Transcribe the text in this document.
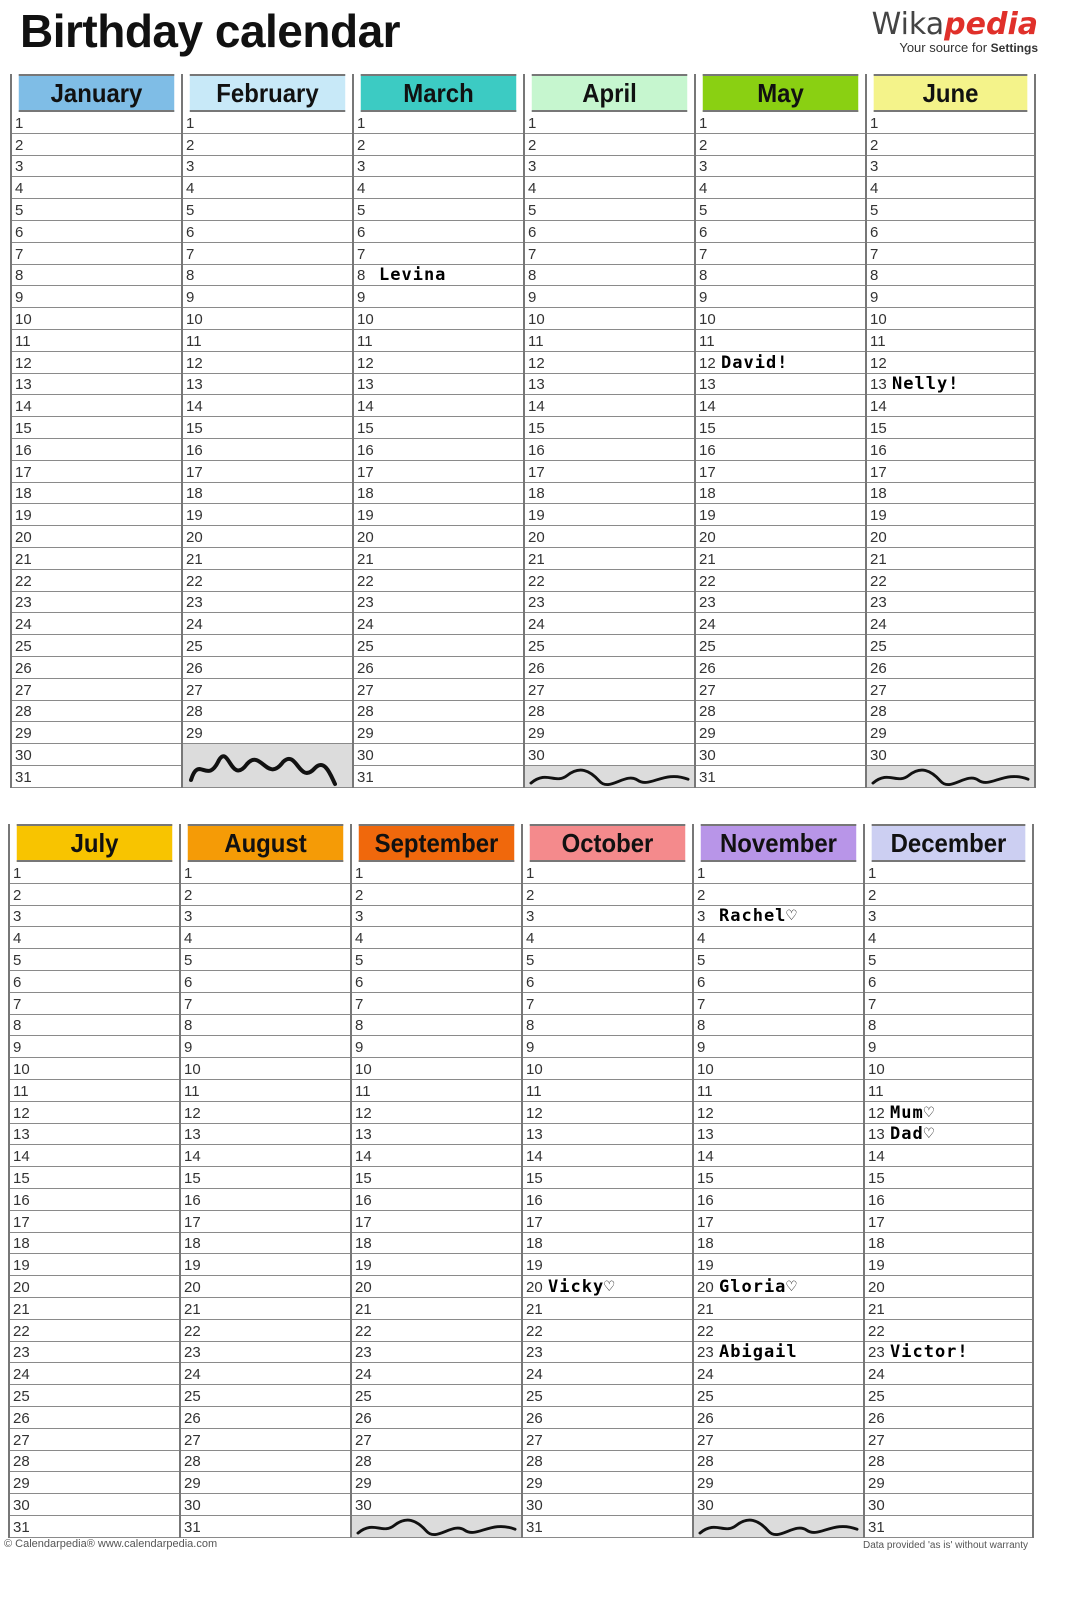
Birthday calendar	Wikapedia
Your source for Settings
January
1
2
3
4
5
6
7
8
9
10
11
12
13
14
15
16
17
18
19
20
21
22
23
24
25
26
27
28
29
30
31
February
1
2
3
4
5
6
7
8
9
10
11
12
13
14
15
16
17
18
19
20
21
22
23
24
25
26
27
28
29
March
1
2
3
4
5
6
7
8 Levina
9
10
11
12
13
14
15
16
17
18
19
20
21
22
23
24
25
26
27
28
29
30
31
April
1
2
3
4
5
6
7
8
9
10
11
12
13
14
15
16
17
18
19
20
21
22
23
24
25
26
27
28
29
30
May
1
2
3
4
5
6
7
8
9
10
11
12 David!
13
14
15
16
17
18
19
20
21
22
23
24
25
26
27
28
29
30
31
June
1
2
3
4
5
6
7
8
9
10
11
12
13 Nelly!
14
15
16
17
18
19
20
21
22
23
24
25
26
27
28
29
30
July
1
2
3
4
5
6
7
8
9
10
11
12
13
14
15
16
17
18
19
20
21
22
23
24
25
26
27
28
29
30
31
August
1
2
3
4
5
6
7
8
9
10
11
12
13
14
15
16
17
18
19
20
21
22
23
24
25
26
27
28
29
30
31
September
1
2
3
4
5
6
7
8
9
10
11
12
13
14
15
16
17
18
19
20
21
22
23
24
25
26
27
28
29
30
October
1
2
3
4
5
6
7
8
9
10
11
12
13
14
15
16
17
18
19
20 Vicky♡
21
22
23
24
25
26
27
28
29
30
31
November
1
2
3 Rachel♡
4
5
6
7
8
9
10
11
12
13
14
15
16
17
18
19
20 Gloria♡
21
22
23 Abigail
24
25
26
27
28
29
30
December
1
2
3
4
5
6
7
8
9
10
11
12 Mum♡
13 Dad♡
14
15
16
17
18
19
20
21
22
23 Victor!
24
25
26
27
28
29
30
31
© Calendarpedia® www.calendarpedia.com	Data provided 'as is' without warranty
